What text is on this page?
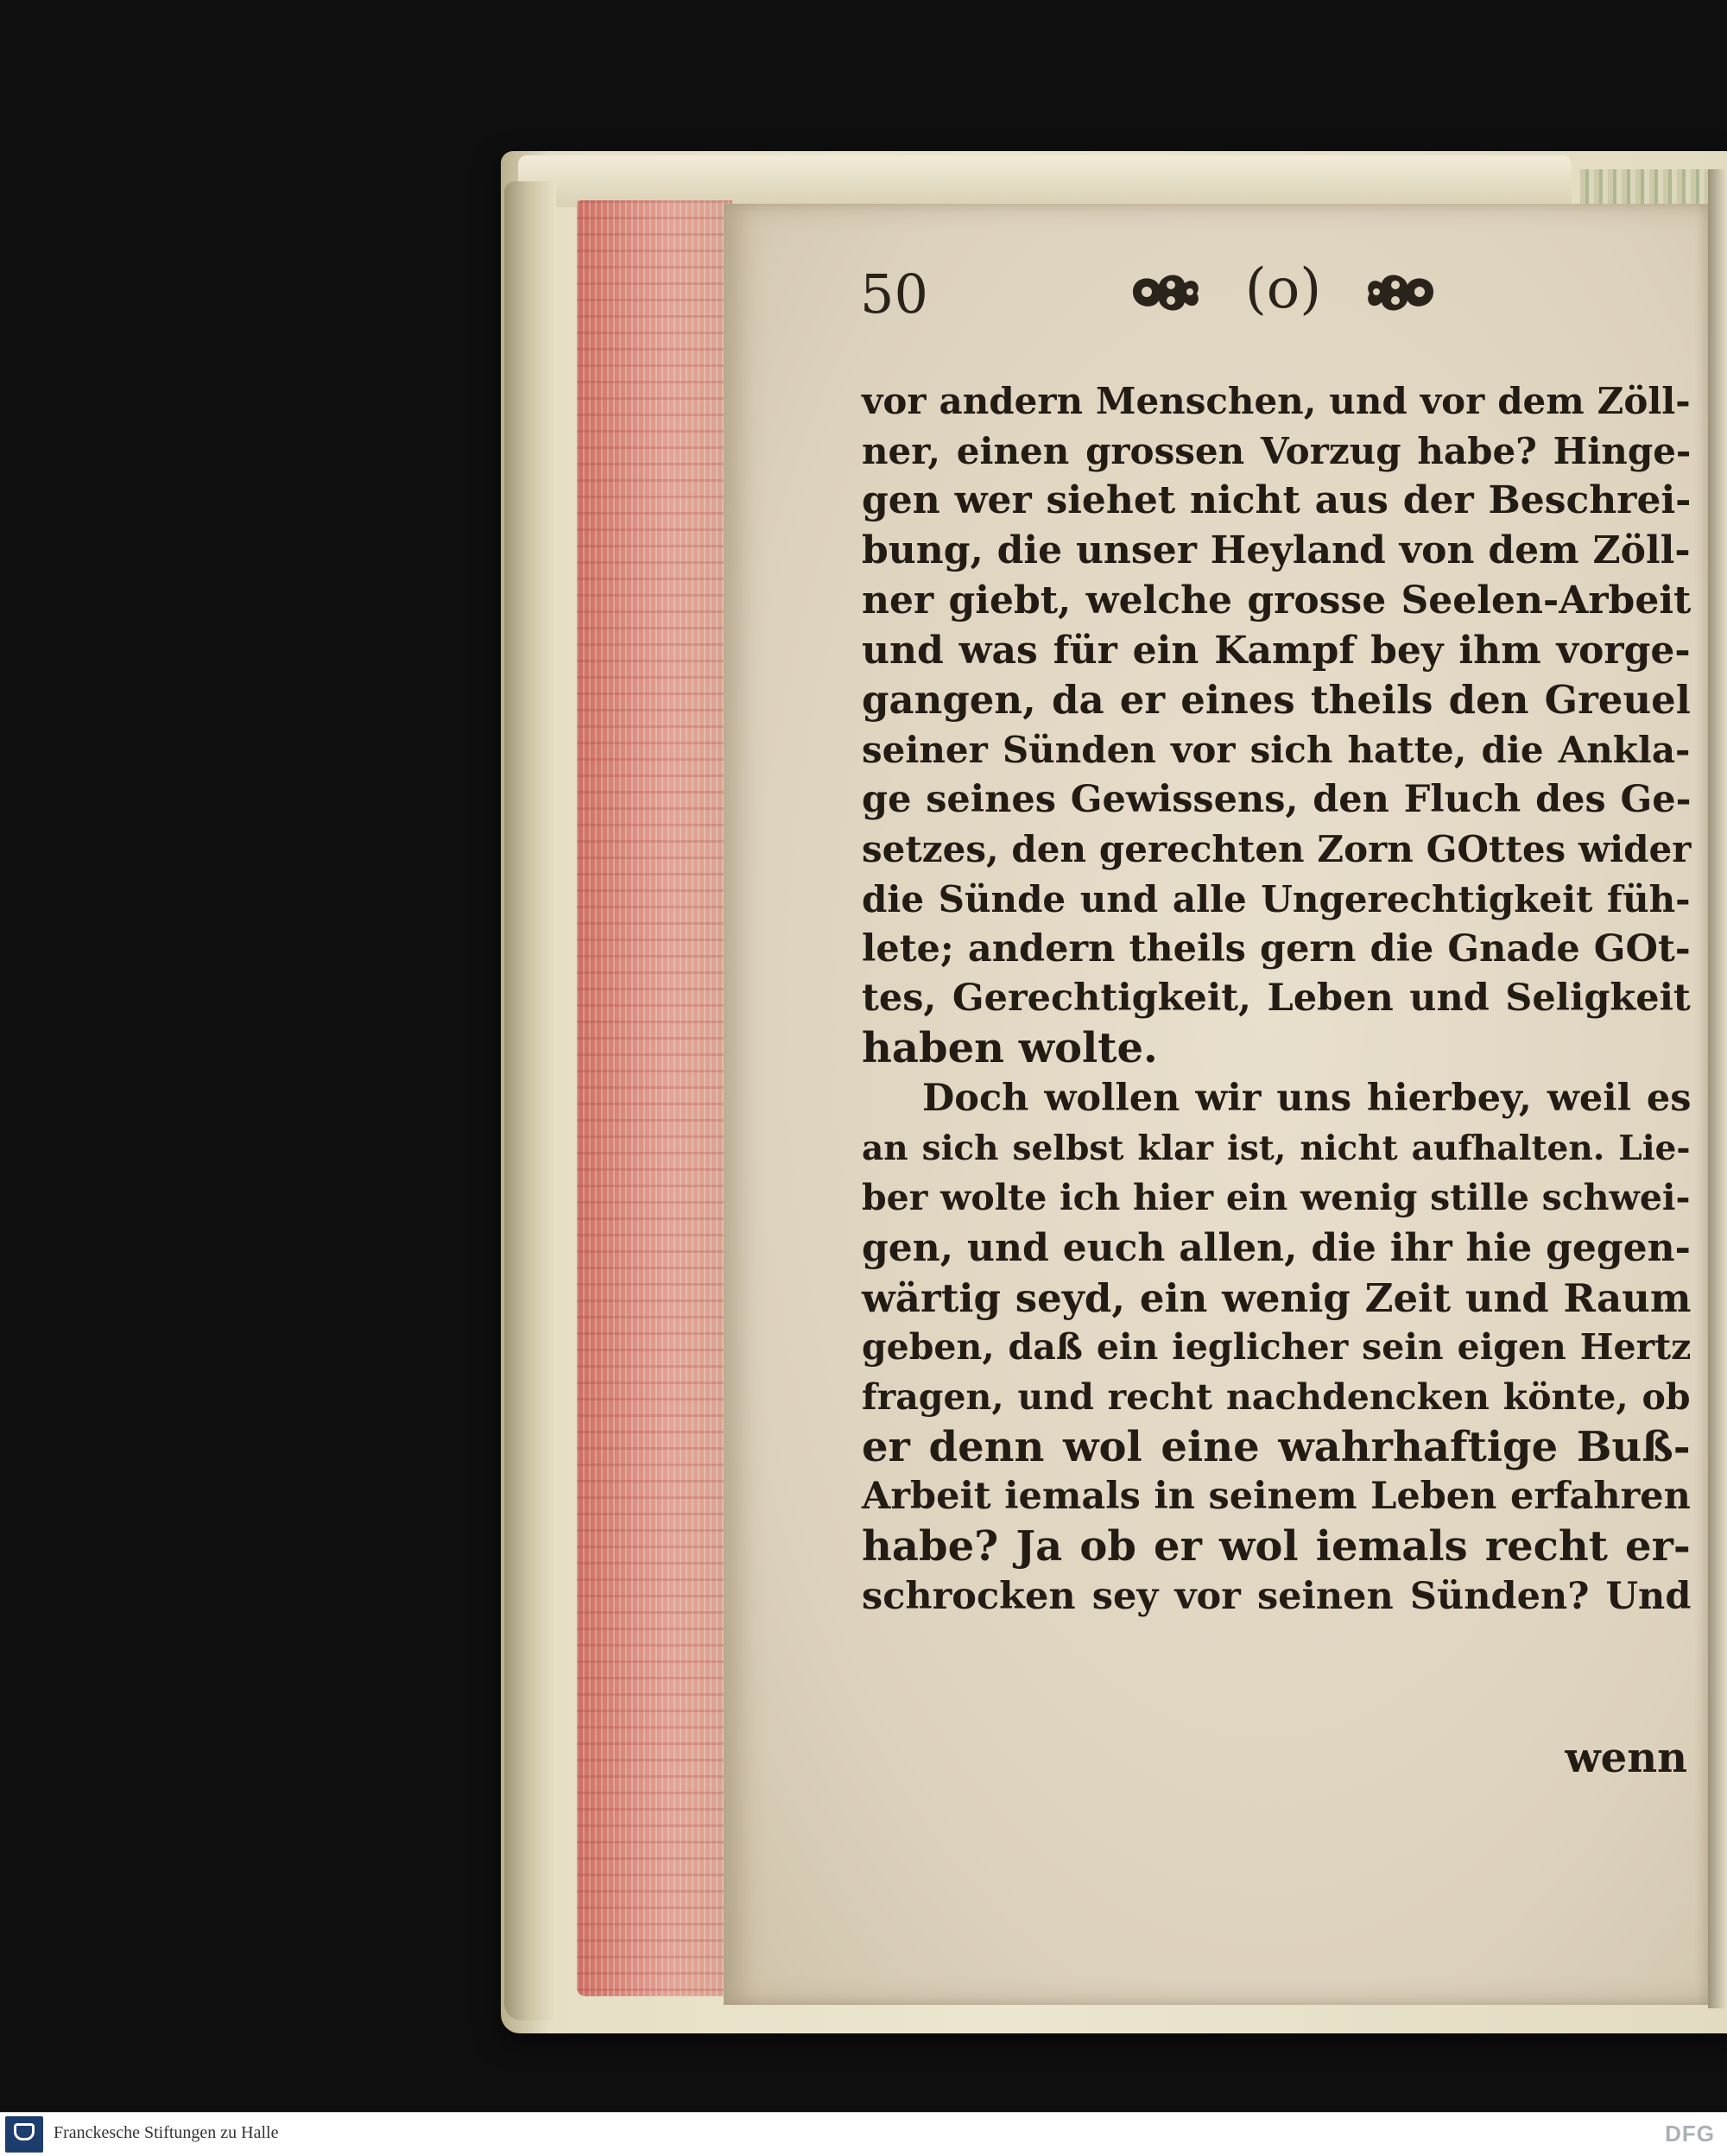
50	(o)
vor andern Menschen, und vor dem Zöll-
ner, einen grossen Vorzug habe? Hinge-
gen wer siehet nicht aus der Beschrei-
bung, die unser Heyland von dem Zöll-
ner giebt, welche grosse Seelen-Arbeit
und was für ein Kampf bey ihm vorge-
gangen, da er eines theils den Greuel
seiner Sünden vor sich hatte, die Ankla-
ge seines Gewissens, den Fluch des Ge-
setzes, den gerechten Zorn GOttes wider
die Sünde und alle Ungerechtigkeit füh-
lete; andern theils gern die Gnade GOt-
tes, Gerechtigkeit, Leben und Seligkeit
haben wolte.
Doch wollen wir uns hierbey, weil es
an sich selbst klar ist, nicht aufhalten. Lie-
ber wolte ich hier ein wenig stille schwei-
gen, und euch allen, die ihr hie gegen-
wärtig seyd, ein wenig Zeit und Raum
geben, daß ein ieglicher sein eigen Hertz
fragen, und recht nachdencken könte, ob
er denn wol eine wahrhaftige Buß-
Arbeit iemals in seinem Leben erfahren
habe? Ja ob er wol iemals recht er-
schrocken sey vor seinen Sünden? Und
wenn
Franckesche Stiftungen zu Halle	DFG
